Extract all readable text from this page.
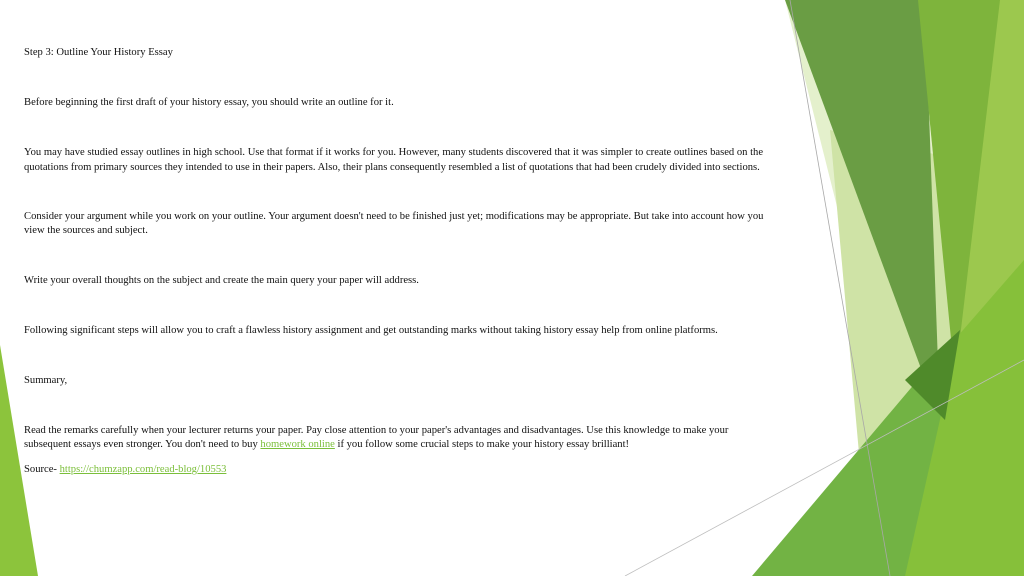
Step 3: Outline Your History Essay

Before beginning the first draft of your history essay, you should write an outline for it.

You may have studied essay outlines in high school. Use that format if it works for you. However, many students discovered that it was simpler to create outlines based on the quotations from primary sources they intended to use in their papers. Also, their plans consequently resembled a list of quotations that had been crudely divided into sections.

Consider your argument while you work on your outline. Your argument doesn't need to be finished just yet; modifications may be appropriate. But take into account how you view the sources and subject.

Write your overall thoughts on the subject and create the main query your paper will address.

Following significant steps will allow you to craft a flawless history assignment and get outstanding marks without taking history essay help from online platforms.

Summary,

Read the remarks carefully when your lecturer returns your paper. Pay close attention to your paper's advantages and disadvantages. Use this knowledge to make your subsequent essays even stronger. You don't need to buy homework online if you follow some crucial steps to make your history essay brilliant!

Source- https://chumzapp.com/read-blog/10553
